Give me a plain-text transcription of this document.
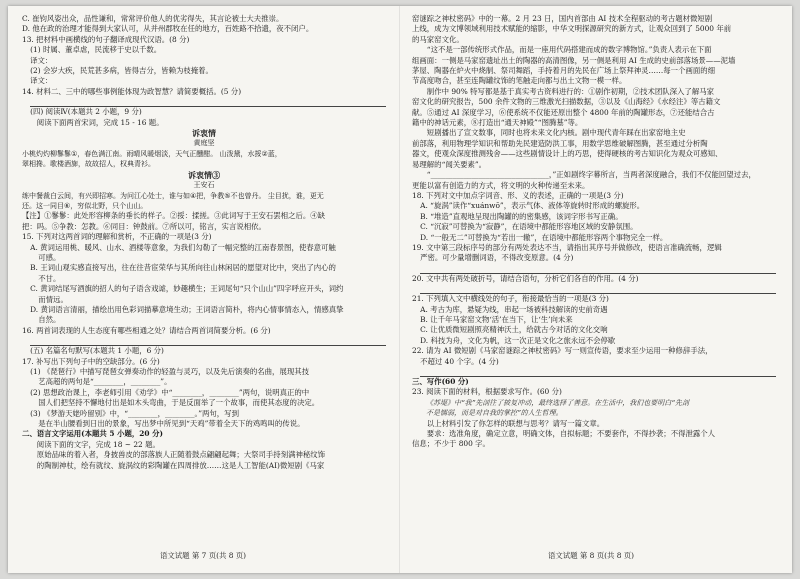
C. 崔钧风姿出众，品性谦和，常常评价他人的优劣得失，其言论被士大夫推崇。

D. 他在政的治理才能得到大家认可，从并州郡牧在任的地方，百姓路不拾遗，夜不闭户。

13. 把材料中画横线的句子翻译成现代汉语。(8 分)

(1) 时属、董卓虐，民流移于史以千数。

译文：

(2) 会岁大疾，民荒甚多病，皆得吉分，皆赖为枝掩着。

译文：

14. 材料二、三中的哪些事例能体现为政智慧？请简要概括。(5 分)

(四) 阅读Ⅳ(本题共 2 小题，9 分)

阅读下面两首宋词，完成 15 - 16 题。

诉衷情

黄庭坚

小桃灼灼柳鬖鬖①，春色满江南。雨晴风暖烟淡，天气正醺酣。 山泼黛，水挼②蓝，

翠相搀。歌楼酒旆，故故招人，权典青衫。

诉衷情③

王安石

练中餐裁白云间，有兴即招寒。为问江心处士，谁与如④把，争教⑤不也曾丹。 尘目扰，谁，更无

还。这一同目⑥，穷似北野，只个山山。

【注】①鬖鬖：此处形容柳条的垂长的样子。②挼：揉搓。③此词写于王安石罢相之后。④缺

把：吗。⑤争教：怎教。⑥同目：钟鼓前。⑦所以可，铭言，实言说相依。

15. 下列对这两首词的理解和赏析，不正确的一项是(3 分)

A. 黄词运用桃、暖风、山水、酒楼等意象，为我们勾勒了一幅完整的江南春景图，使春意可触

可感。

B. 王词山观实感直接写出，往在往昔宦荣华与其所向往山林闲居的愿望对比中，突出了内心的

不甘。

C. 黄词结尾写酒旗的招人的句子语含戏谑，妙趣横生；王词尾句“只个山山”四字呼应开头，词约

而情远。

D. 黄词语言清丽，描绘出用色彩词描摹意境生动；王词语言简朴，将内心情事情态入，情感真挚

自然。

16. 两首词表现的人生态度有哪些相通之处？请结合两首词简要分析。(6 分)

(五) 名篇名句默写(本题共 1 小题，6 分)

17. 补写出下列句子中的空缺部分。(6 分)

(1) 《琵琶行》中描写琵琶女弹奏动作的轻盈与灵巧，以及先后演奏的名曲，展现其技

艺高超的两句是“________，________”。

(2) 思想政治课上，李老师引用《劝学》中“________，________”两句，说明真正的中

国人们把坚持不懈地付出是如木头弯曲，于是反面举了一个故事，而使其态度的决定。

(3) 《梦游天姥吟留别》中，“________，________。”两句，写到

是在半山腰看到日出的景象，写出梦中所见到“天鸡”带着全天下的鸡鸣叫的传说。

二、语言文字运用(本题共 5 小题，20 分)

阅读下面的文字，完成 18 ~ 22 题。

原始品味的着入者，身披兽皮的部落族人正随着鼓点翩翩起舞；大祭司手持刻满神秘纹饰

的陶制神杖，绘有就纹、旋涡纹的彩陶罐在四周排放……这是人工智能(AI)微短剧《马家

窑谜踪之神杖密码》中的一幕。2 月 23 日，国内首部由 AI 技术全程驱动的考古题材微短剧

上线，成为文博领域利用技术赋能的缩影，中华文明探源研究的新方式，让观众回到了 5000 年前

的马家窑文化。

“这不是一部传统形式作品，而是一座用代码搭建而成的数字博物馆。”负责人表示在下面

组画面：一侧是马家窑遗址出土的陶器的高清图像，另一侧是利用 AI 生成的史前部落场景——泥墙

茅屋、陶器在炉火中烧制、祭司舞蹈，手持着月的先民在广场上祭拜神灵……每一个画面的细

节高度吻合，甚至连陶罐纹饰的笔触走向都与出土文物一模一样。

制作中 90% 特写都是基于真实考古资料进行的：①剧作初期，②技术团队深入了解马家

窑文化的研究报告，500 余件文物的三维激光扫描数据，③以及《山海经》《水经注》等古籍文

献。⑤通过 AI 深度学习，⑥使系统不仅能还原出整个 4800 年前的陶罐形态，⑦还能结合古

籍中的神话元素，⑧打造出“通天神殿”“图腾墓”等。

短剧播出了宣文数事，同时也将未来文化内核。剧中现代青年踩在出家窑地主史

前部落，利用物理学知识和帮助先民建造防洪工事，用数学思维破解图腾，甚至通过分析陶

器文，使观众深度推测残舍——这些剧情设计上的巧思，使得硬核的考古知识化为观众可感知、

易理解的“闻关要素”。

“________________________________，”正如剧终字幕所言，当两者深度融合，我们不仅能回望过去，

更能以富有创造力的方式，将文明的火种传递至未来。

18. 下列对文中加点字词音、形、义的表述，正确的一项是(3 分)

A. “旋涡”读作“xuánwō”，表示气体、液体等旋转时形成的螺旋形。

B. “堆造”直观地呈现出陶罐的的密集感，该词字形书写正确。

C. “沉寂”可替换为“寂静”，在语境中都能形容地区域的安静氛围。

D. “一般无二”可替换为“若出一辙”，在语境中都能形容两个事物完全一样。

19. 文中第三段标序号的部分有两处表达不当，请指出其序号并做修改，使语言准确流畅，逻辑

严密。可少量增删词语，不得改变原意。(4 分)

20. 文中共有两处破折号，请结合语句，分析它们各自的作用。(4 分)

21. 下列填入文中横线处的句子，衔接最恰当的一项是(3 分)

A. 考古为库，悬疑为线，串起一场被科技解读的史前奇遇

B. 让千年马家窑文物‘活’在当下，让‘生’向未来

C. 让优质微短剧照亮精神沃土，给就古今对话的文化交响

D. 科技为舟，文化为帆，这一次正是文化之旅永远不会停歇

22. 请为 AI 微短剧《马家窑谜踪之神杖密码》写一则宣传语，要求至少运用一种修辞手法，

不超过 40 个字。(4 分)

三、写作(60 分)

23. 阅读下面的材料，根据要求写作。(60 分)

《苏堤》中“我”先剖往了披复冲动，最终选择了善意。在生活中，我们也要明白“先剖

不是懦弱，而是对自我的掌控”的人生哲理。

以上材料引发了你怎样的联想与思考？请写一篇文章。

要求：选准角度，确定立意，明确文体，自拟标题；不要套作，不得抄袭；不得泄露个人

信息；不少于 800 字。

语文试题 第 7 页(共 8 页)	语文试题 第 8 页(共 8 页)
